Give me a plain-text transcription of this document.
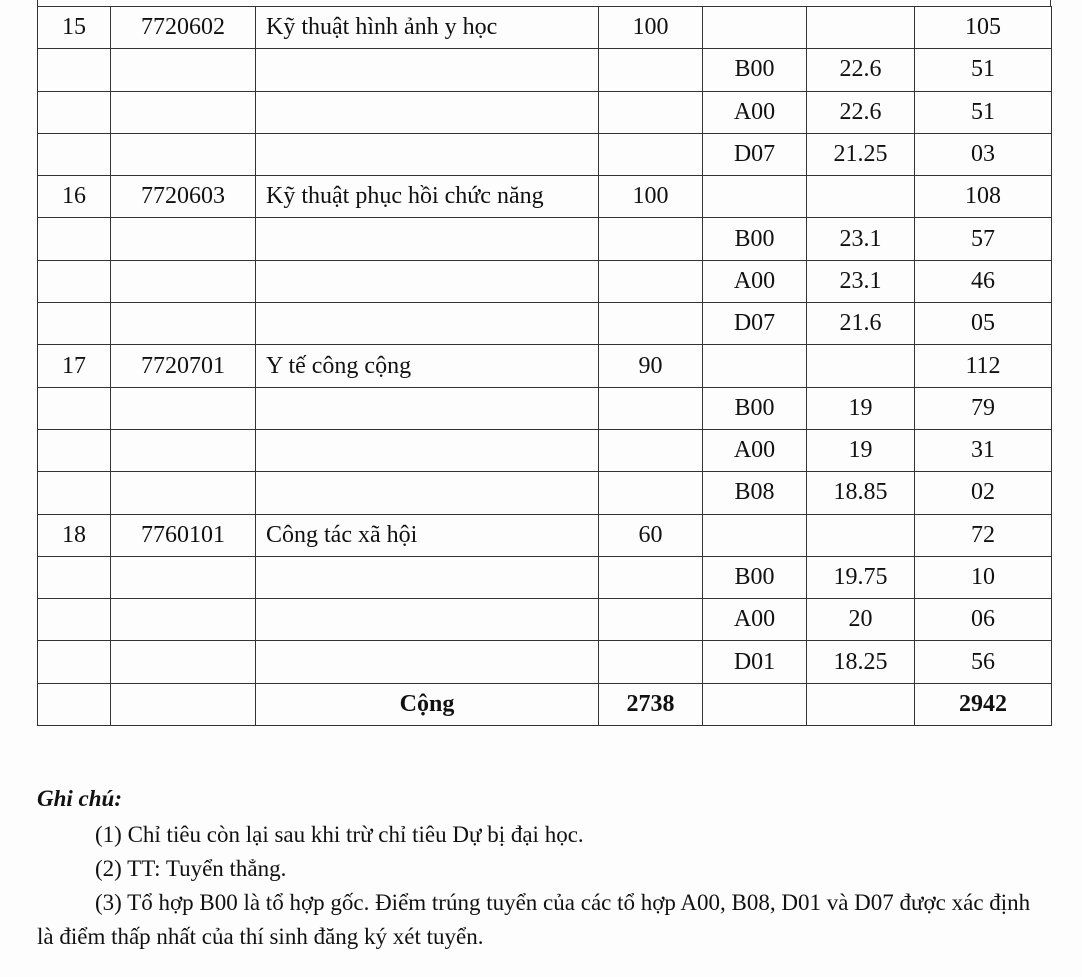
15	7720602	Kỹ thuật hình ảnh y học	100			105
				B00	22.6	51
				A00	22.6	51
				D07	21.25	03
16	7720603	Kỹ thuật phục hồi chức năng	100			108
				B00	23.1	57
				A00	23.1	46
				D07	21.6	05
17	7720701	Y tế công cộng	90			112
				B00	19	79
				A00	19	31
				B08	18.85	02
18	7760101	Công tác xã hội	60			72
				B00	19.75	10
				A00	20	06
				D01	18.25	56
		Cộng	2738			2942
Ghi chú:
(1) Chỉ tiêu còn lại sau khi trừ chỉ tiêu Dự bị đại học.
(2) TT: Tuyển thẳng.
(3) Tổ hợp B00 là tổ hợp gốc. Điểm trúng tuyển của các tổ hợp A00, B08, D01 và D07 được xác định là điểm thấp nhất của thí sinh đăng ký xét tuyển.
